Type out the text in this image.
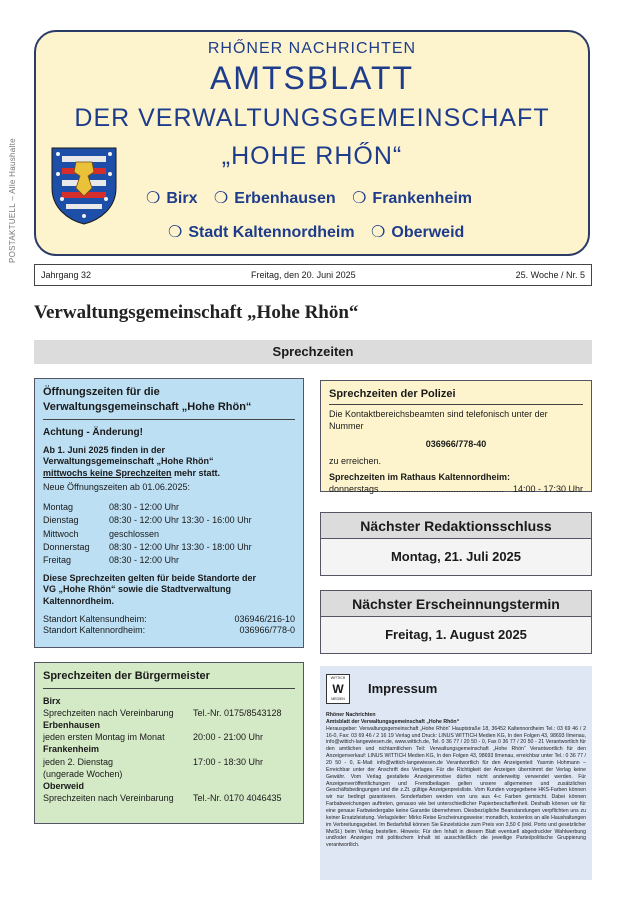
POSTAKTUELL – Alle Haushalte
RHŐNER NACHRICHTEN
AMTSBLATT
DER VERWALTUNGSGEMEINSCHAFT
„HOHE RHŐN“
❍ Birx ❍ Erbenhausen ❍ Frankenheim
❍ Stadt Kaltennordheim ❍ Oberweid
Jahrgang 32	Freitag, den 20. Juni 2025	25. Woche / Nr. 5
Verwaltungsgemeinschaft „Hohe Rhön“
Sprechzeiten
Öffnungszeiten für die
Verwaltungsgemeinschaft „Hohe Rhön“
Achtung - Änderung!
Ab 1. Juni 2025 finden in der
Verwaltungsgemeinschaft „Hohe Rhön“
mittwochs keine Sprechzeiten mehr statt.
Neue Öffnungszeiten ab 01.06.2025:
Montag	08:30 - 12:00 Uhr
Dienstag	08:30 - 12:00 Uhr 13:30 - 16:00 Uhr
Mittwoch	geschlossen
Donnerstag	08:30 - 12:00 Uhr 13:30 - 18:00 Uhr
Freitag	08:30 - 12:00 Uhr
Diese Sprechzeiten gelten für beide Standorte der
VG „Hohe Rhön“ sowie die Stadtverwaltung
Kaltennordheim.
Standort Kaltensundheim:	036946/216-10
Standort Kaltennordheim:	036966/778-0
Sprechzeiten der Polizei
Die Kontaktbereichsbeamten sind telefonisch unter der Nummer
036966/778-40
zu erreichen.
Sprechzeiten im Rathaus Kaltennordheim:
donnerstags ................................................. 14:00 - 17:30 Uhr
Nächster Redaktionsschluss
Montag, 21. Juli 2025
Nächster Erscheinnungstermin
Freitag, 1. August 2025
Sprechzeiten der Bürgermeister
Birx
Sprechzeiten nach Vereinbarung	Tel.-Nr. 0175/8543128
Erbenhausen
jeden ersten Montag im Monat	20:00 - 21:00 Uhr
Frankenheim
jeden 2. Dienstag	17:00 - 18:30 Uhr
(ungerade Wochen)
Oberweid
Sprechzeiten nach Vereinbarung	Tel.-Nr. 0170 4046435
WITTICH
W
MEDIEN
Impressum
Rhöner Nachrichten
Amtsblatt der Verwaltungsgemeinschaft „Hohe Rhön“
Herausgeber: Verwaltungsgemeinschaft „Hohe Rhön“ Hauptstraße 18, 36452 Kaltennordheim Tel.: 03 69 46 / 2 16-0, Fax: 03 69 46 / 2 16 19 Verlag und Druck: LINUS WITTICH Medien KG, In den Folgen 43, 98693 Ilmenau, info@wittich-langewiesen.de, www.wittich.de, Tel. 0 36 77 / 20 50 - 0, Fax 0 36 77 / 20 50 - 21 Verantwortlich für den amtlichen und nichtamtlichen Teil: Verwaltungsgemeinschaft „Hohe Rhön“ Verantwortlich für den Anzeigenverkauf: LINUS WITTICH Medien KG, In den Folgen 43, 98693 Ilmenau, erreichbar unter Tel.: 0 36 77 / 20 50 - 0, E-Mail: info@wittich-langewiesen.de Verantwortlich für den Anzeigenteil: Yasmin Hohmann – Erreichbar unter der Anschrift des Verlages. Für die Richtigkeit der Anzeigen übernimmt der Verlag keine Gewähr. Vom Verlag gestaltete Anzeigenmotive dürfen nicht anderweitig verwendet werden. Für Anzeigenveröffentlichungen und Fremdbeilagen gelten unsere allgemeinen und zusätzlichen Geschäftsbedingungen und die z.Zt. gültige Anzeigenpreisliste. Vom Kunden vorgegebene HKS-Farben können wir nur bedingt garantieren. Sonderfarben werden von uns aus 4-c Farben gemischt. Dabei können Farbabweichungen auftreten, genauso wie bei unterschiedlicher Papierbeschaffenheit. Deshalb können wir für eine genaue Farbwiedergabe keine Garantie übernehmen. Diesbezügliche Beanstandungen verpflichten uns zu keiner Ersatzleistung. Verlagsleiter: Mirko Reise Erscheinungsweise: monatlich, kostenlos an alle Haushaltungen im Verbreitungsgebiet. Im Bedarfsfall können Sie Einzelstücke zum Preis von 3,50 € (inkl. Porto und gesetzlicher MwSt.) beim Verlag bestellen. Hinweis: Für den Inhalt in diesem Blatt eventuell abgedruckter Wahlwerbung und/oder Anzeigen mit politischem Inhalt ist ausschließlich die jeweilige Partei/politische Gruppierung verantwortlich.
